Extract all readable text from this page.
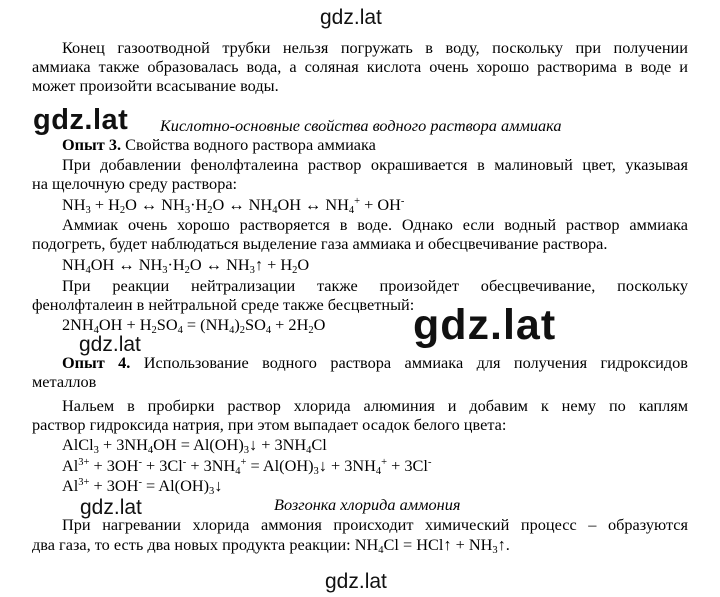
gdz.lat
gdz.lat
gdz.lat
gdz.lat
gdz.lat
gdz.lat
Конец газоотводной трубки нельзя погружать в воду, поскольку при получении
аммиака также образовалась вода, а соляная кислота очень хорошо растворима в воде и
может произойти всасывание воды.
Кислотно-основные свойства водного раствора аммиака
Опыт 3. Свойства водного раствора аммиака
При добавлении фенолфталеина раствор окрашивается в малиновый цвет, указывая
на щелочную среду раствора:
$NH_3 + H_2O$ ↔ $NH_3\cdot H_2O$ ↔ $NH_4OH$ ↔ $NH_4^+ + OH^-$
Аммиак очень хорошо растворяется в воде. Однако если водный раствор аммиака
подогреть, будет наблюдаться выделение газа аммиака и обесцвечивание раствора.
$NH_4OH$ ↔ $NH_3\cdot H_2O$ ↔ $NH_3↑ + H_2O$
При реакции нейтрализации также произойдет обесцвечивание, поскольку
фенолфталеин в нейтральной среде также бесцветный:
$2NH_4OH + H_2SO_4 = (NH_4)_2SO_4 + 2H_2O$
Опыт 4. Использование водного раствора аммиака для получения гидроксидов
металлов
Нальем в пробирки раствор хлорида алюминия и добавим к нему по каплям
раствор гидроксида натрия, при этом выпадает осадок белого цвета:
AlCl$_3$ + $3NH_4OH$ = $Al(OH)_3↓ + 3NH_4Cl$
$Al^{3+} + 3OH^- + 3Cl^- + 3NH_4^+$ = $Al(OH)_3↓ + 3NH_4^+ + 3Cl^-$
$Al^{3+} + 3OH^-$ = $Al(OH)_3↓$
Возгонка хлорида аммония
При нагревании хлорида аммония происходит химический процесс – образуются
два газа, то есть два новых продукта реакции: $NH_4Cl$ = HCl↑ + $NH_3↑$.
